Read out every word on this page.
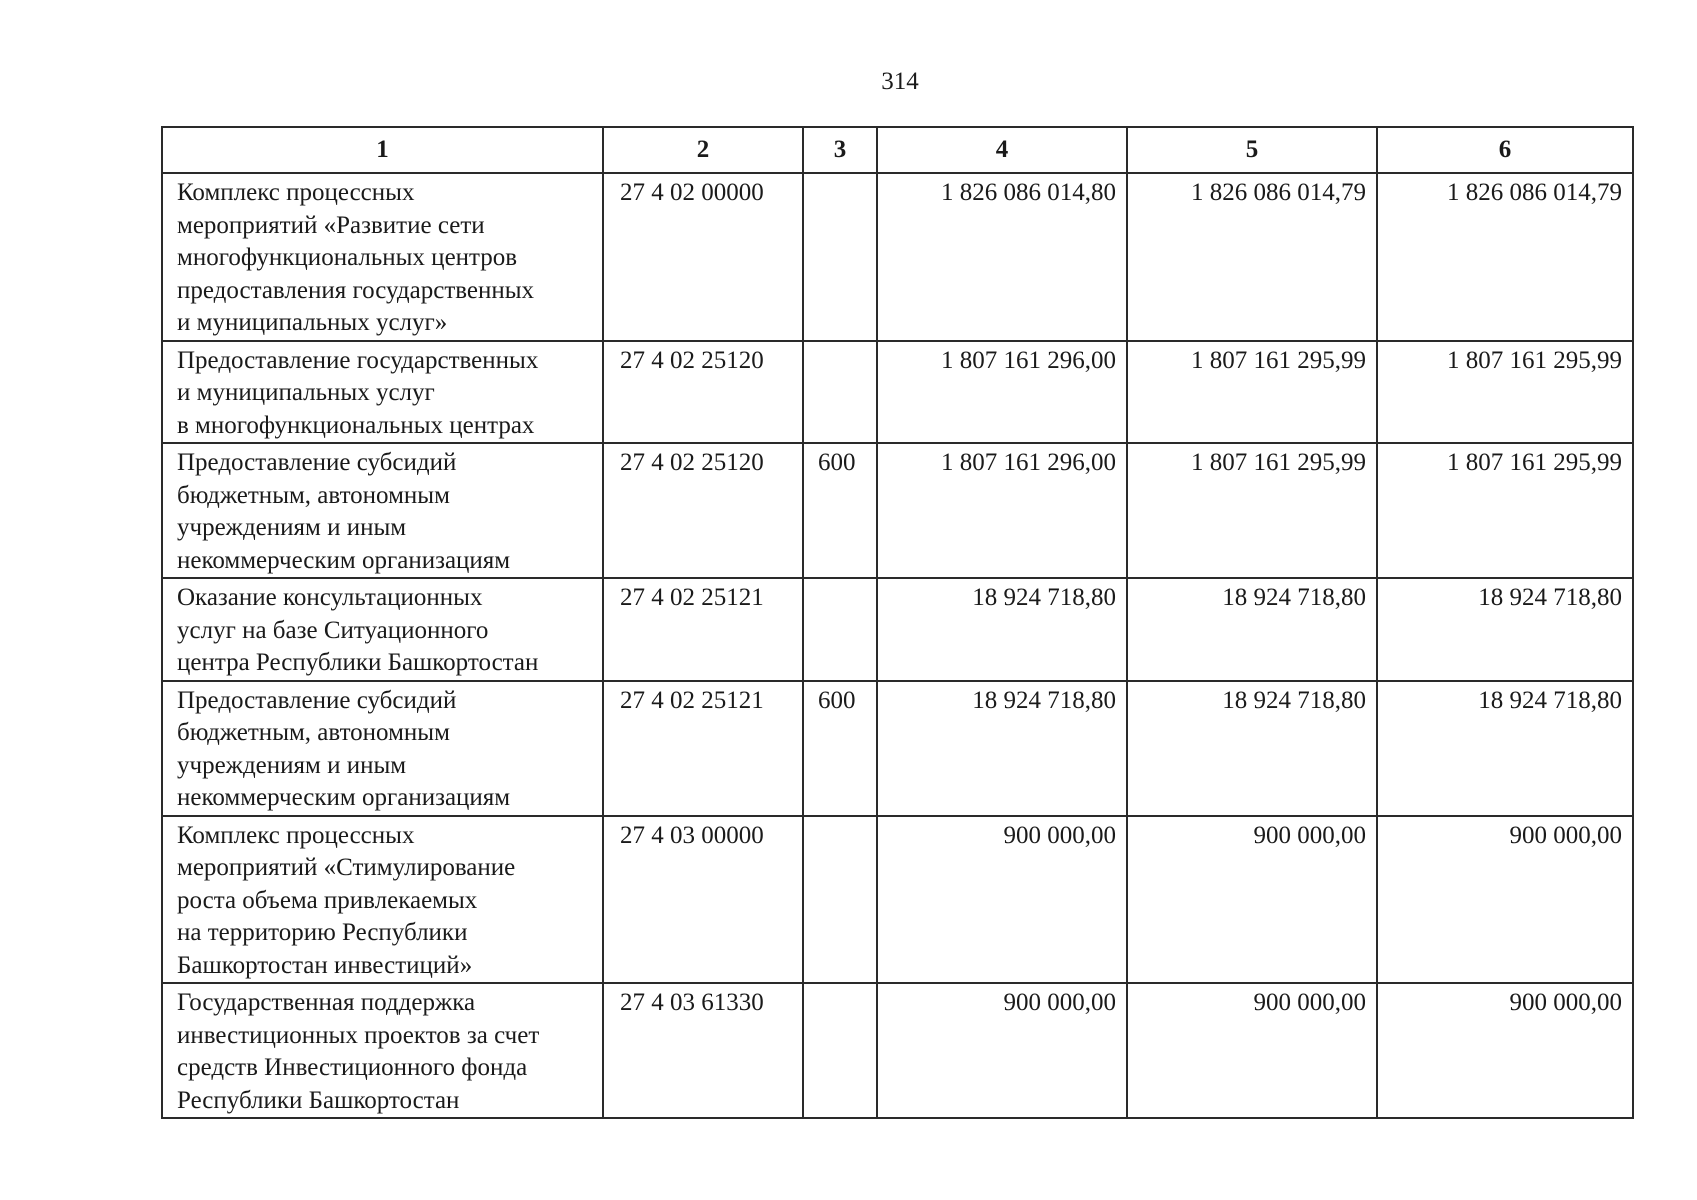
314
1	2	3	4	5	6
Комплекс процессных
мероприятий «Развитие сети
многофункциональных центров
предоставления государственных
и муниципальных услуг»	27 4 02 00000		1 826 086 014,80	1 826 086 014,79	1 826 086 014,79
Предоставление государственных
и муниципальных услуг
в многофункциональных центрах	27 4 02 25120		1 807 161 296,00	1 807 161 295,99	1 807 161 295,99
Предоставление субсидий
бюджетным, автономным
учреждениям и иным
некоммерческим организациям	27 4 02 25120	600	1 807 161 296,00	1 807 161 295,99	1 807 161 295,99
Оказание консультационных
услуг на базе Ситуационного
центра Республики Башкортостан	27 4 02 25121		18 924 718,80	18 924 718,80	18 924 718,80
Предоставление субсидий
бюджетным, автономным
учреждениям и иным
некоммерческим организациям	27 4 02 25121	600	18 924 718,80	18 924 718,80	18 924 718,80
Комплекс процессных
мероприятий «Стимулирование
роста объема привлекаемых
на территорию Республики
Башкортостан инвестиций»	27 4 03 00000		900 000,00	900 000,00	900 000,00
Государственная поддержка
инвестиционных проектов за счет
средств Инвестиционного фонда
Республики Башкортостан	27 4 03 61330		900 000,00	900 000,00	900 000,00
